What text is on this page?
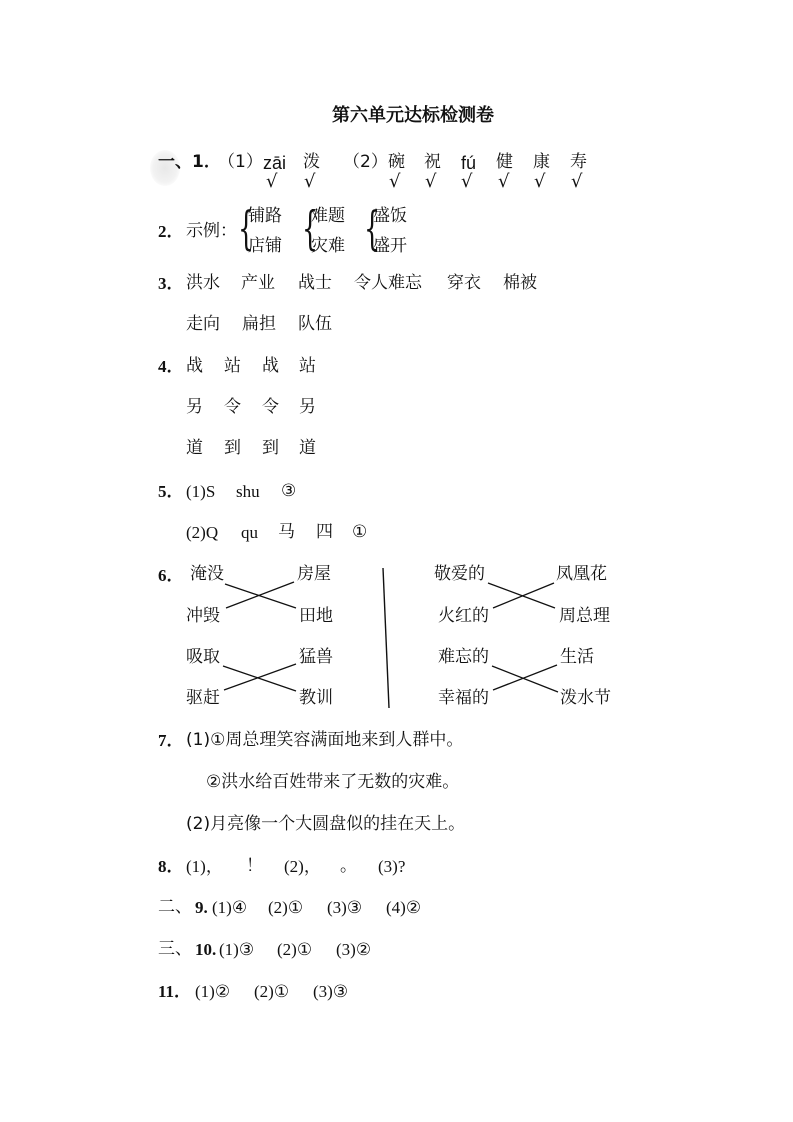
第六单元达标检测卷
一、1．
（1） zāi 泼 （2） 碗 祝 fú 健 康 寿
√ √	√ √ √ √ √ √
2． 示例： {
铺路
店铺 {
难题
灾难 {
盛饭
盛开
3． 洪水 产业 战士 令人难忘 穿衣 棉被
走向 扁担 队伍
4． 战 站 战 站
另 令 令 另
道 到 到 道
5． (1)S shu ③
(2)Q qu 马 四 ①
6． 淹没	房屋
冲毁	田地
吸取	猛兽
驱赶	教训
敬爱的	凤凰花
火红的	周总理
难忘的	生活
幸福的	泼水节
7． (1)①周总理笑容满面地来到人群中。
②洪水给百姓带来了无数的灾难。
(2)月亮像一个大圆盘似的挂在天上。
8． (1)， ！ (2)， 。 (3)?
二、 9. (1)④ (2)① (3)③ (4)②
三、 10. (1)③ (2)① (3)②
11． (1)② (2)① (3)③
